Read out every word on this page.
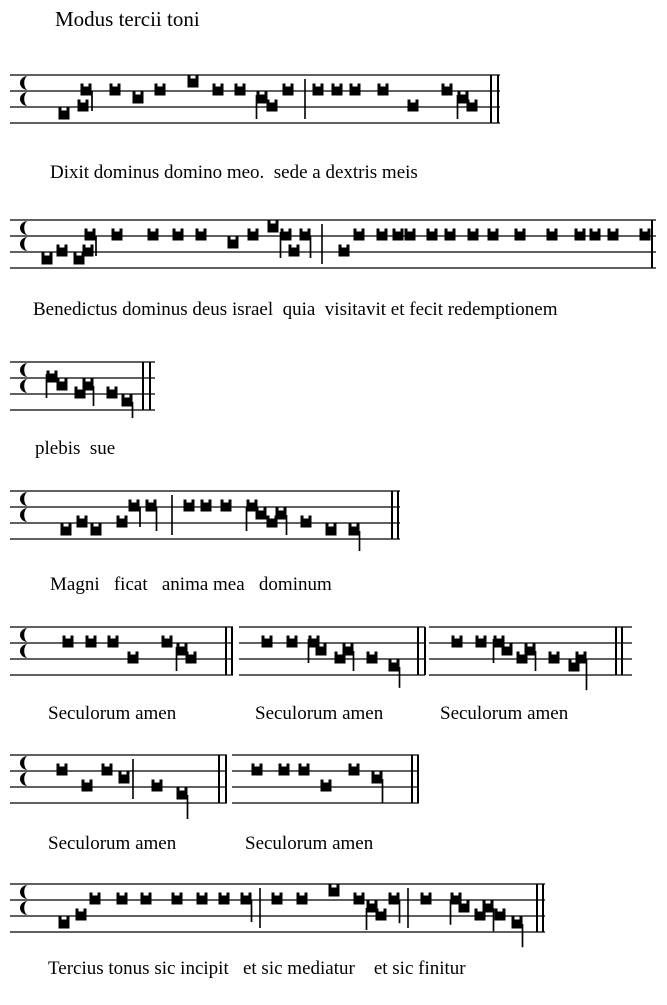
Modus tercii toni
Dixit dominus domino meo.  sede a dextris meis
Benedictus dominus deus israel  quia  visitavit et fecit redemptionem
plebis  sue
Magni   ficat   anima mea   dominum
Seculorum amen	Seculorum amen	Seculorum amen
Seculorum amen	Seculorum amen
Tercius tonus sic incipit   et sic mediatur    et sic finitur
